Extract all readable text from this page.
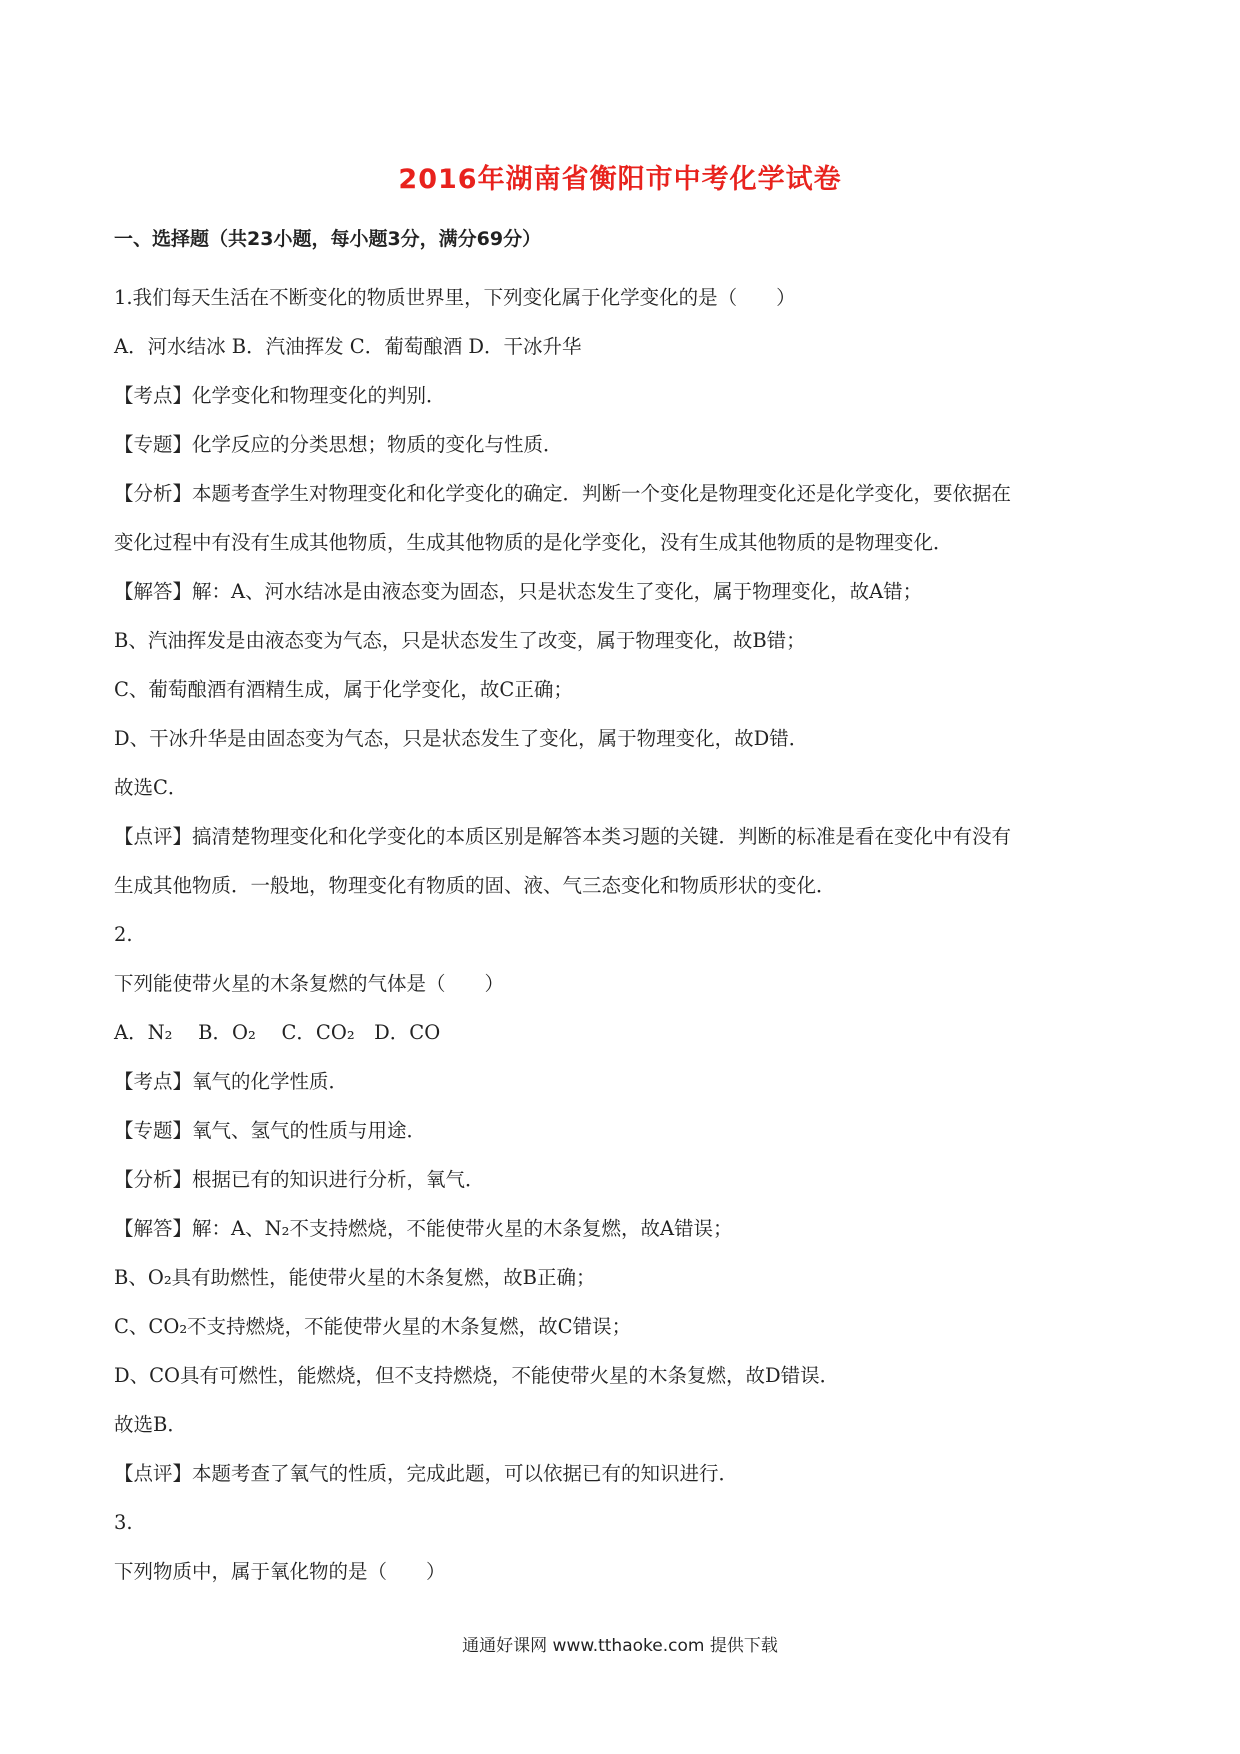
2016年湖南省衡阳市中考化学试卷
一、选择题（共23小题，每小题3分，满分69分）
1.我们每天生活在不断变化的物质世界里，下列变化属于化学变化的是（　　）
A．河水结冰 B．汽油挥发 C．葡萄酿酒 D．干冰升华
【考点】化学变化和物理变化的判别．
【专题】化学反应的分类思想；物质的变化与性质．
【分析】本题考查学生对物理变化和化学变化的确定．判断一个变化是物理变化还是化学变化，要依据在
变化过程中有没有生成其他物质，生成其他物质的是化学变化，没有生成其他物质的是物理变化．
【解答】解：A、河水结冰是由液态变为固态，只是状态发生了变化，属于物理变化，故A错；
B、汽油挥发是由液态变为气态，只是状态发生了改变，属于物理变化，故B错；
C、葡萄酿酒有酒精生成，属于化学变化，故C正确；
D、干冰升华是由固态变为气态，只是状态发生了变化，属于物理变化，故D错．
故选C．
【点评】搞清楚物理变化和化学变化的本质区别是解答本类习题的关键．判断的标准是看在变化中有没有
生成其他物质．一般地，物理变化有物质的固、液、气三态变化和物质形状的变化．
2.
下列能使带火星的木条复燃的气体是（　　）
A．N₂　 B．O₂　 C．CO₂　D．CO
【考点】氧气的化学性质．
【专题】氧气、氢气的性质与用途．
【分析】根据已有的知识进行分析，氧气．
【解答】解：A、N₂不支持燃烧，不能使带火星的木条复燃，故A错误；
B、O₂具有助燃性，能使带火星的木条复燃，故B正确；
C、CO₂不支持燃烧，不能使带火星的木条复燃，故C错误；
D、CO具有可燃性，能燃烧，但不支持燃烧，不能使带火星的木条复燃，故D错误．
故选B．
【点评】本题考查了氧气的性质，完成此题，可以依据已有的知识进行．
3.
下列物质中，属于氧化物的是（　　）
通通好课网 www.tthaoke.com 提供下载
